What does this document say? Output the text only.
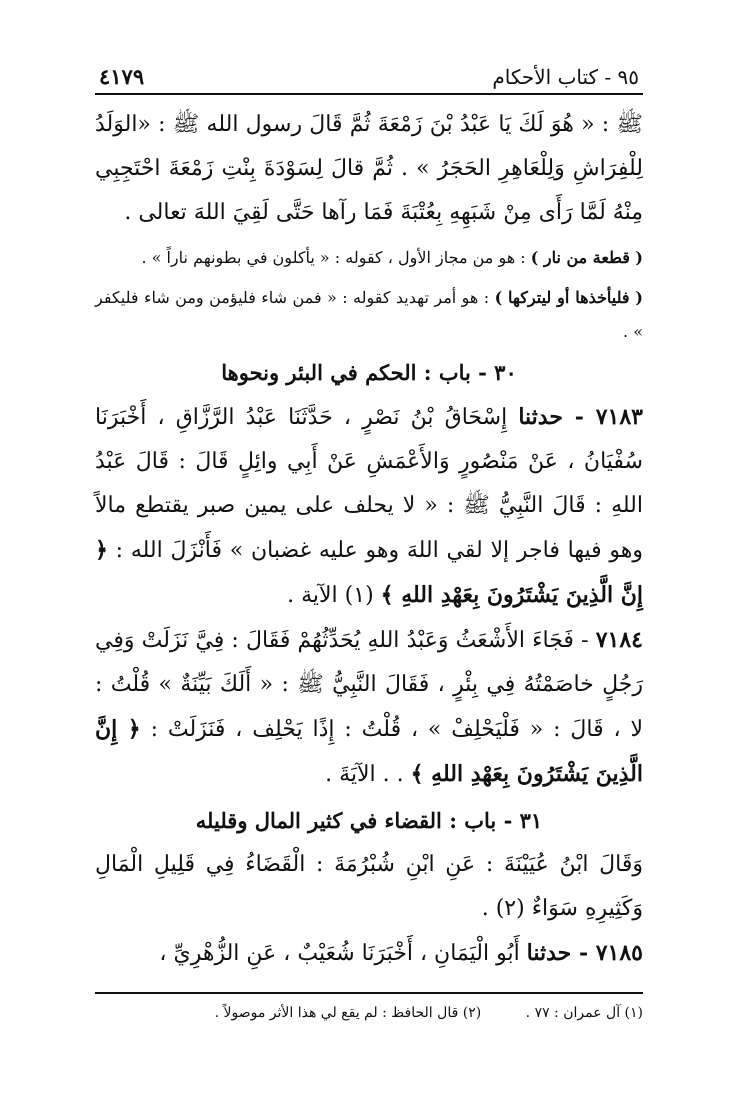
٩٥ - كتاب الأحكام
٤١٧٩
ﷺ : « هُوَ لَكَ يَا عَبْدُ بْنَ زَمْعَةَ ثُمَّ قَالَ رسول الله ﷺ : «الوَلَدُ لِلْفِرَاشِ وَلِلْعَاهِرِ الحَجَرُ » . ثُمَّ قالَ لِسَوْدَةَ بِنْتِ زَمْعَةَ احْتَجِبِي مِنْهُ لَمَّا رَأَى مِنْ شَبَهِهِ بِعُتْبَةَ فَمَا رآها حَتَّى لَقِيَ اللهَ تعالى .
( قطعة من نار ) : هو من مجاز الأول ، كقوله : « يأكلون في بطونهم ناراً » .
( فليأخذها أو ليتركها ) : هو أمر تهديد كقوله : « فمن شاء فليؤمن ومن شاء فليكفر » .
٣٠ - باب : الحكم في البئر ونحوها
٧١٨٣ - حدثنا إِسْحَاقُ بْنُ نَصْرٍ ، حَدَّثَنَا عَبْدُ الرَّزَّاقِ ، أَخْبَرَنَا سُفْيَانُ ، عَنْ مَنْصُورٍ وَالأَعْمَشِ عَنْ أَبِي وائِلٍ قَالَ : قَالَ عَبْدُ اللهِ : قَالَ النَّبِيُّ ﷺ : « لا يحلف على يمين صبر يقتطع مالاً وهو فيها فاجر إلا لقي اللهَ وهو عليه غضبان » فَأَنْزَلَ الله : ﴿ إِنَّ الَّذِينَ يَشْتَرُونَ بِعَهْدِ اللهِ ﴾ (١) الآية .
٧١٨٤ - فَجَاءَ الأَشْعَثُ وَعَبْدُ اللهِ يُحَدِّثُهُمْ فَقَالَ : فِيَّ نَزَلَتْ وَفِي رَجُلٍ خاصَمْتُهُ فِي بِئْرٍ ، فَقَالَ النَّبِيُّ ﷺ : « أَلَكَ بَيِّنَةٌ » قُلْتُ : لا ، قَالَ : « فَلْيَحْلِفْ » ، قُلْتُ : إِذًا يَحْلِف ، فَنَزَلَتْ : ﴿ إِنَّ الَّذِينَ يَشْتَرُونَ بِعَهْدِ اللهِ ﴾ . . الآيَةَ .
٣١ - باب : القضاء في كثير المال وقليله
وَقَالَ ابْنُ عُيَيْنَةَ : عَنِ ابْنِ شُبْرُمَةَ : الْقَضَاءُ فِي قَلِيلِ الْمَالِ وَكَثِيرِهِ سَوَاءٌ (٢) .
٧١٨٥ - حدثنا أَبُو الْيَمَانِ ، أَخْبَرَنَا شُعَيْبٌ ، عَنِ الزُّهْرِيِّ ،
(١) آل عمران : ٧٧ . (٢) قال الحافظ : لم يقع لي هذا الأثر موصولاً .
